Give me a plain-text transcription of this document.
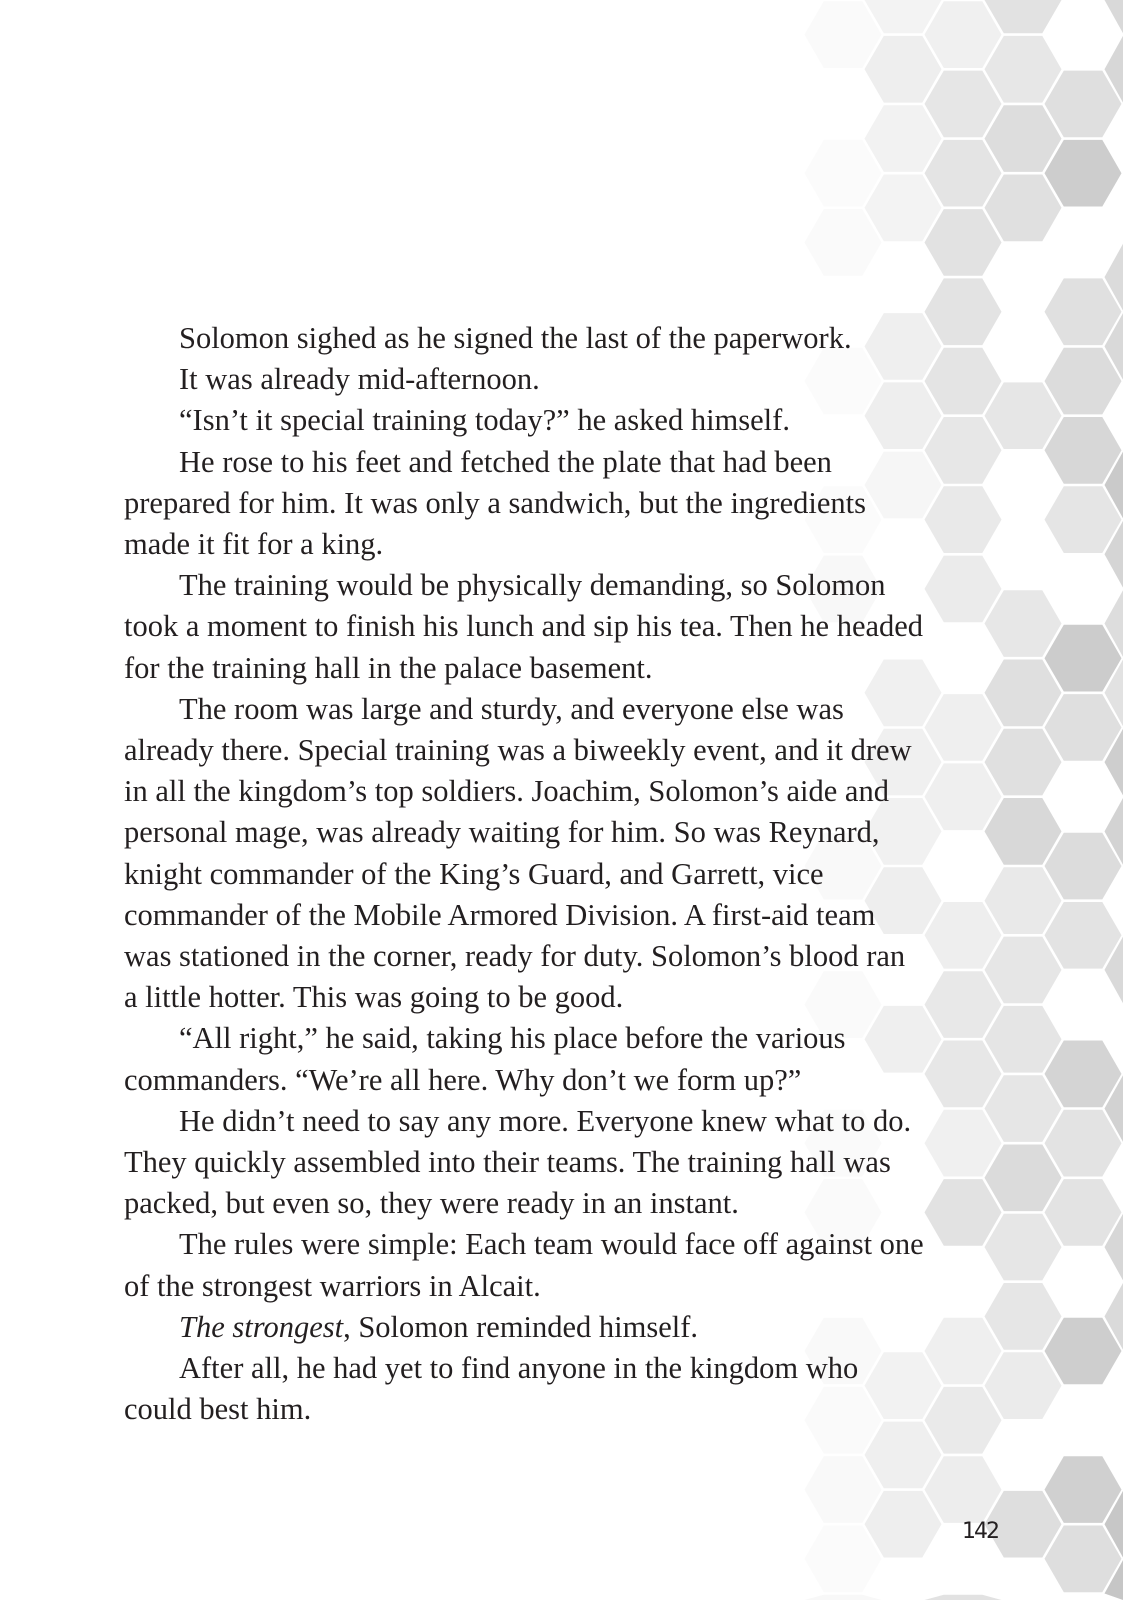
Solomon sighed as he signed the last of the paperwork.
It was already mid-afternoon.
“Isn’t it special training today?” he asked himself.
He rose to his feet and fetched the plate that had been
prepared for him. It was only a sandwich, but the ingredients
made it fit for a king.
The training would be physically demanding, so Solomon
took a moment to finish his lunch and sip his tea. Then he headed
for the training hall in the palace basement.
The room was large and sturdy, and everyone else was
already there. Special training was a biweekly event, and it drew
in all the kingdom’s top soldiers. Joachim, Solomon’s aide and
personal mage, was already waiting for him. So was Reynard,
knight commander of the King’s Guard, and Garrett, vice
commander of the Mobile Armored Division. A first-aid team
was stationed in the corner, ready for duty. Solomon’s blood ran
a little hotter. This was going to be good.
“All right,” he said, taking his place before the various
commanders. “We’re all here. Why don’t we form up?”
He didn’t need to say any more. Everyone knew what to do.
They quickly assembled into their teams. The training hall was
packed, but even so, they were ready in an instant.
The rules were simple: Each team would face off against one
of the strongest warriors in Alcait.
The strongest, Solomon reminded himself.
After all, he had yet to find anyone in the kingdom who
could best him.
142
